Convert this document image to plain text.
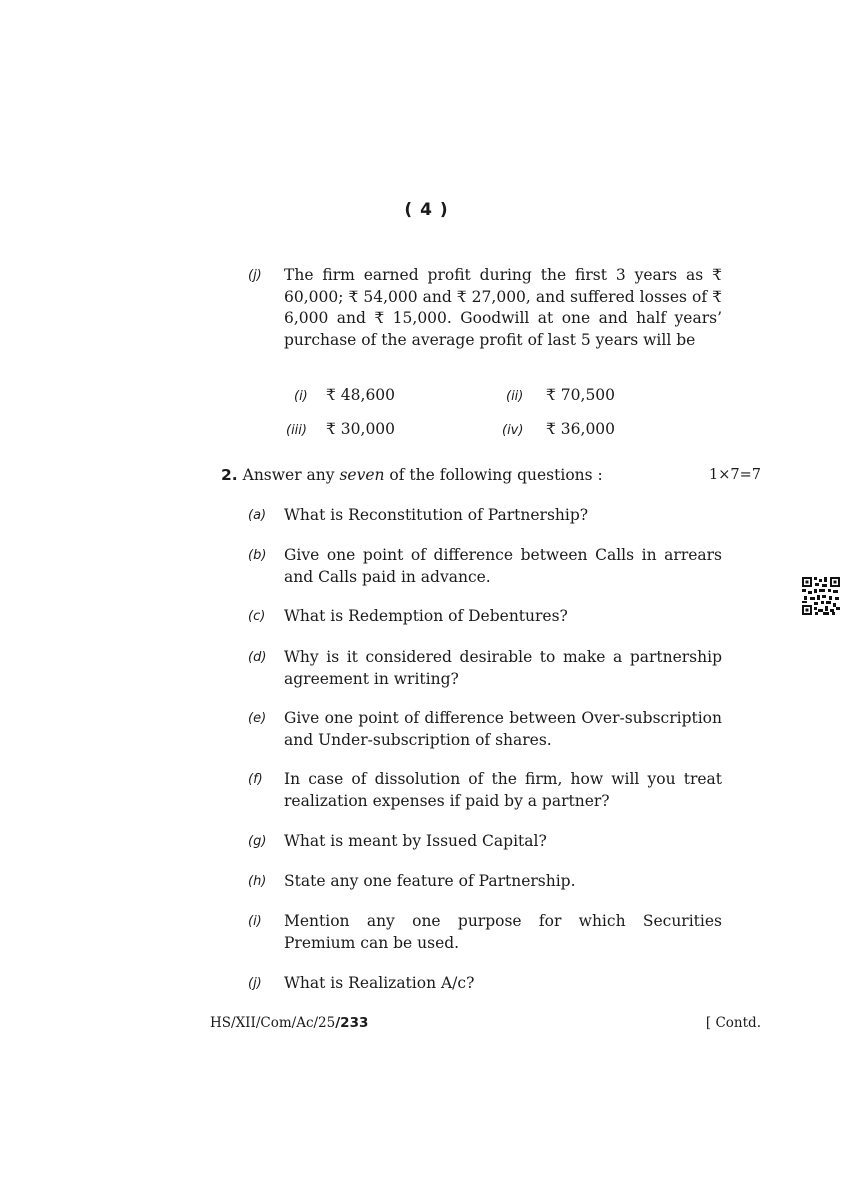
( 4 )
(j)	The firm earned profit during the first 3 years as ₹ 60,000; ₹ 54,000 and ₹ 27,000, and suffered losses of ₹ 6,000 and ₹ 15,000. Goodwill at one and half years’ purchase of the average profit of last 5 years will be
(i) ₹ 48,600	(ii) ₹ 70,500
(iii) ₹ 30,000	(iv) ₹ 36,000
2. Answer any seven of the following questions :	1×7=7
(a)	What is Reconstitution of Partnership?
(b)	Give one point of difference between Calls in arrears and Calls paid in advance.
(c)	What is Redemption of Debentures?
(d)	Why is it considered desirable to make a partnership agreement in writing?
(e)	Give one point of difference between Over-subscription and Under-subscription of shares.
(f)	In case of dissolution of the firm, how will you treat realization expenses if paid by a partner?
(g)	What is meant by Issued Capital?
(h)	State any one feature of Partnership.
(i)	Mention any one purpose for which Securities Premium can be used.
(j)	What is Realization A/c?
HS/XII/Com/Ac/25/233	[ Contd.
